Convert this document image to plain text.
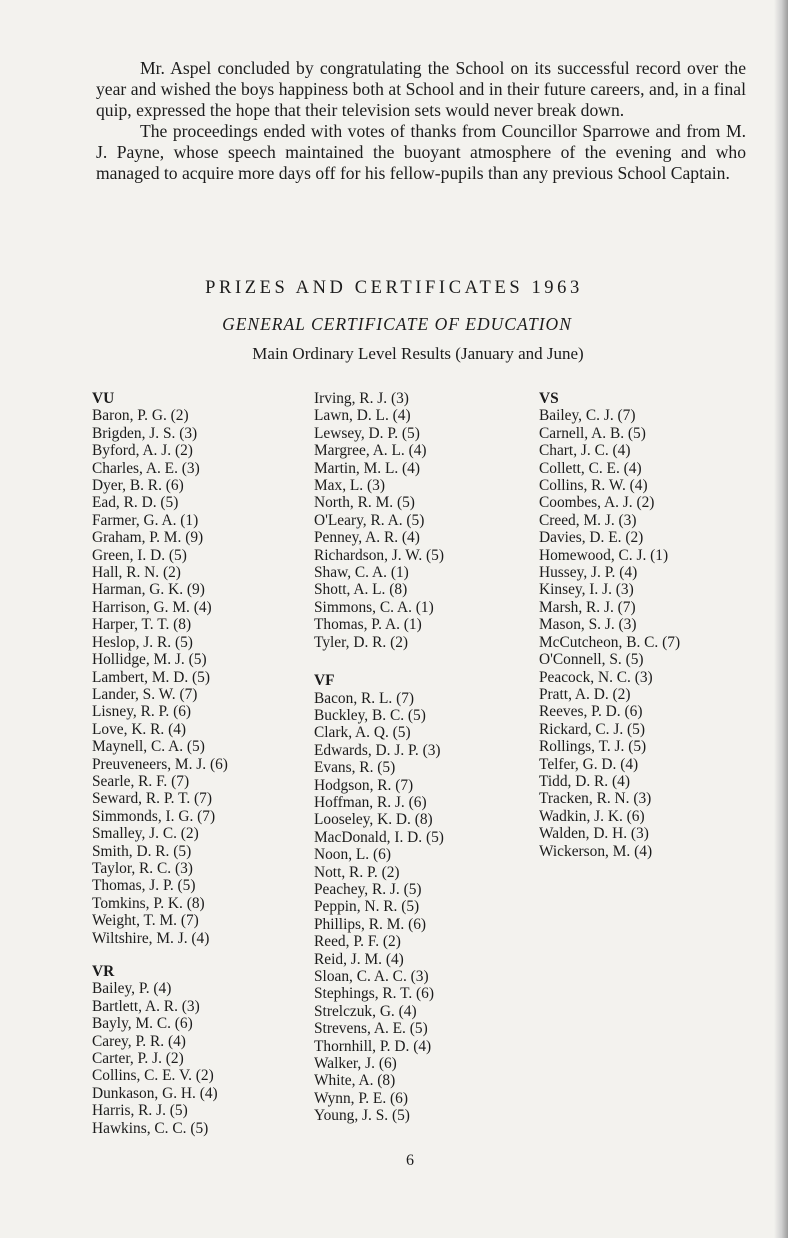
Mr. Aspel concluded by congratulating the School on its successful record over the year and wished the boys happiness both at School and in their future careers, and, in a final quip, expressed the hope that their television sets would never break down.

The proceedings ended with votes of thanks from Councillor Sparrowe and from M. J. Payne, whose speech maintained the buoyant atmosphere of the evening and who managed to acquire more days off for his fellow-pupils than any previous School Captain.

PRIZES AND CERTIFICATES 1963
GENERAL CERTIFICATE OF EDUCATION
Main Ordinary Level Results (January and June)
VU
Baron, P. G. (2)
Brigden, J. S. (3)
Byford, A. J. (2)
Charles, A. E. (3)
Dyer, B. R. (6)
Ead, R. D. (5)
Farmer, G. A. (1)
Graham, P. M. (9)
Green, I. D. (5)
Hall, R. N. (2)
Harman, G. K. (9)
Harrison, G. M. (4)
Harper, T. T. (8)
Heslop, J. R. (5)
Hollidge, M. J. (5)
Lambert, M. D. (5)
Lander, S. W. (7)
Lisney, R. P. (6)
Love, K. R. (4)
Maynell, C. A. (5)
Preuveneers, M. J. (6)
Searle, R. F. (7)
Seward, R. P. T. (7)
Simmonds, I. G. (7)
Smalley, J. C. (2)
Smith, D. R. (5)
Taylor, R. C. (3)
Thomas, J. P. (5)
Tomkins, P. K. (8)
Weight, T. M. (7)
Wiltshire, M. J. (4)
VR
Bailey, P. (4)
Bartlett, A. R. (3)
Bayly, M. C. (6)
Carey, P. R. (4)
Carter, P. J. (2)
Collins, C. E. V. (2)
Dunkason, G. H. (4)
Harris, R. J. (5)
Hawkins, C. C. (5)
Irving, R. J. (3)
Lawn, D. L. (4)
Lewsey, D. P. (5)
Margree, A. L. (4)
Martin, M. L. (4)
Max, L. (3)
North, R. M. (5)
O'Leary, R. A. (5)
Penney, A. R. (4)
Richardson, J. W. (5)
Shaw, C. A. (1)
Shott, A. L. (8)
Simmons, C. A. (1)
Thomas, P. A. (1)
Tyler, D. R. (2)
VF
Bacon, R. L. (7)
Buckley, B. C. (5)
Clark, A. Q. (5)
Edwards, D. J. P. (3)
Evans, R. (5)
Hodgson, R. (7)
Hoffman, R. J. (6)
Looseley, K. D. (8)
MacDonald, I. D. (5)
Noon, L. (6)
Nott, R. P. (2)
Peachey, R. J. (5)
Peppin, N. R. (5)
Phillips, R. M. (6)
Reed, P. F. (2)
Reid, J. M. (4)
Sloan, C. A. C. (3)
Stephings, R. T. (6)
Strelczuk, G. (4)
Strevens, A. E. (5)
Thornhill, P. D. (4)
Walker, J. (6)
White, A. (8)
Wynn, P. E. (6)
Young, J. S. (5)
VS
Bailey, C. J. (7)
Carnell, A. B. (5)
Chart, J. C. (4)
Collett, C. E. (4)
Collins, R. W. (4)
Coombes, A. J. (2)
Creed, M. J. (3)
Davies, D. E. (2)
Homewood, C. J. (1)
Hussey, J. P. (4)
Kinsey, I. J. (3)
Marsh, R. J. (7)
Mason, S. J. (3)
McCutcheon, B. C. (7)
O'Connell, S. (5)
Peacock, N. C. (3)
Pratt, A. D. (2)
Reeves, P. D. (6)
Rickard, C. J. (5)
Rollings, T. J. (5)
Telfer, G. D. (4)
Tidd, D. R. (4)
Tracken, R. N. (3)
Wadkin, J. K. (6)
Walden, D. H. (3)
Wickerson, M. (4)
6
